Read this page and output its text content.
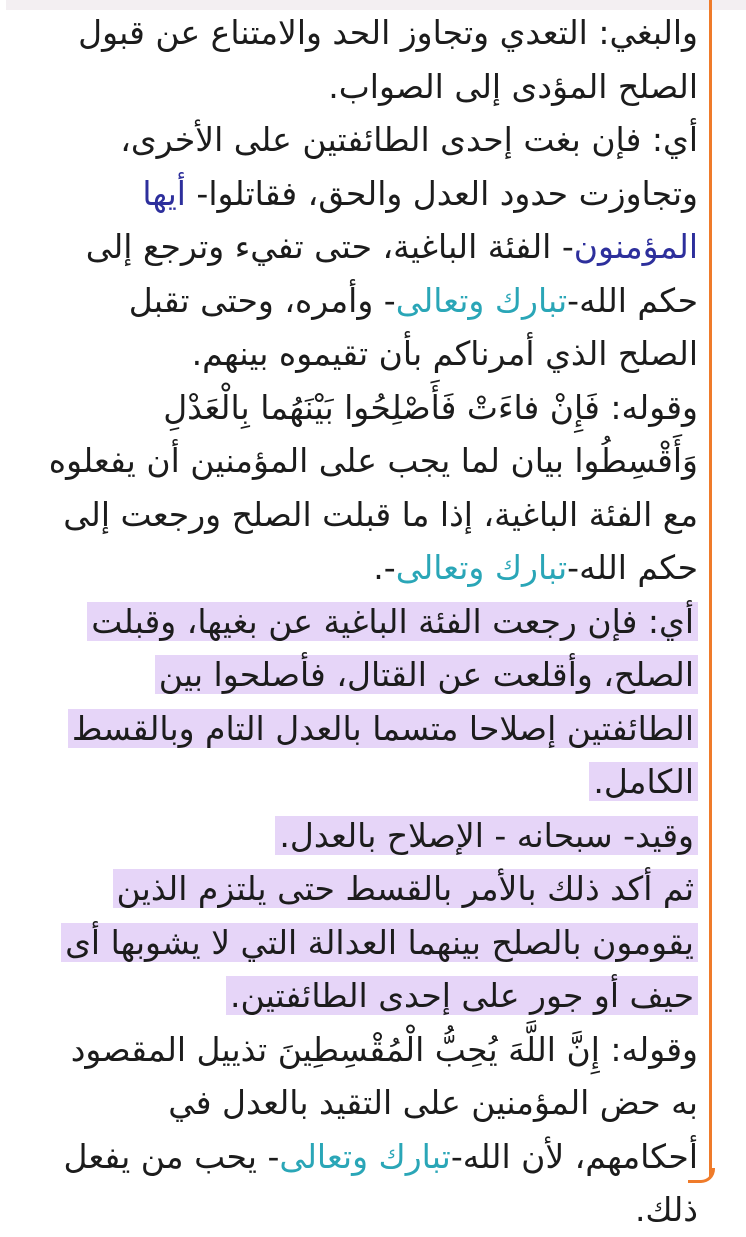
والبغي: التعدي وتجاوز الحد والامتناع عن قبول
الصلح المؤدى إلى الصواب.
أي: فإن بغت إحدى الطائفتين على الأخرى،
وتجاوزت حدود العدل والحق، فقاتلوا- أيها
المؤمنون- الفئة الباغية، حتى تفيء وترجع إلى
حكم الله-تبارك وتعالى- وأمره، وحتى تقبل
الصلح الذي أمرناكم بأن تقيموه بينهم.
وقوله: فَإِنْ فاءَتْ فَأَصْلِحُوا بَيْنَهُما بِالْعَدْلِ
وَأَقْسِطُوا بيان لما يجب على المؤمنين أن يفعلوه
مع الفئة الباغية، إذا ما قبلت الصلح ورجعت إلى
حكم الله-تبارك وتعالى-.
أي: فإن رجعت الفئة الباغية عن بغيها، وقبلت
الصلح، وأقلعت عن القتال، فأصلحوا بين
الطائفتين إصلاحا متسما بالعدل التام وبالقسط
الكامل.
وقيد- سبحانه - الإصلاح بالعدل.
ثم أكد ذلك بالأمر بالقسط حتى يلتزم الذين
يقومون بالصلح بينهما العدالة التي لا يشوبها أى
حيف أو جور على إحدى الطائفتين.
وقوله: إِنَّ اللَّهَ يُحِبُّ الْمُقْسِطِينَ تذييل المقصود
به حض المؤمنين على التقيد بالعدل في
أحكامهم، لأن الله-تبارك وتعالى- يحب من يفعل
ذلك.
